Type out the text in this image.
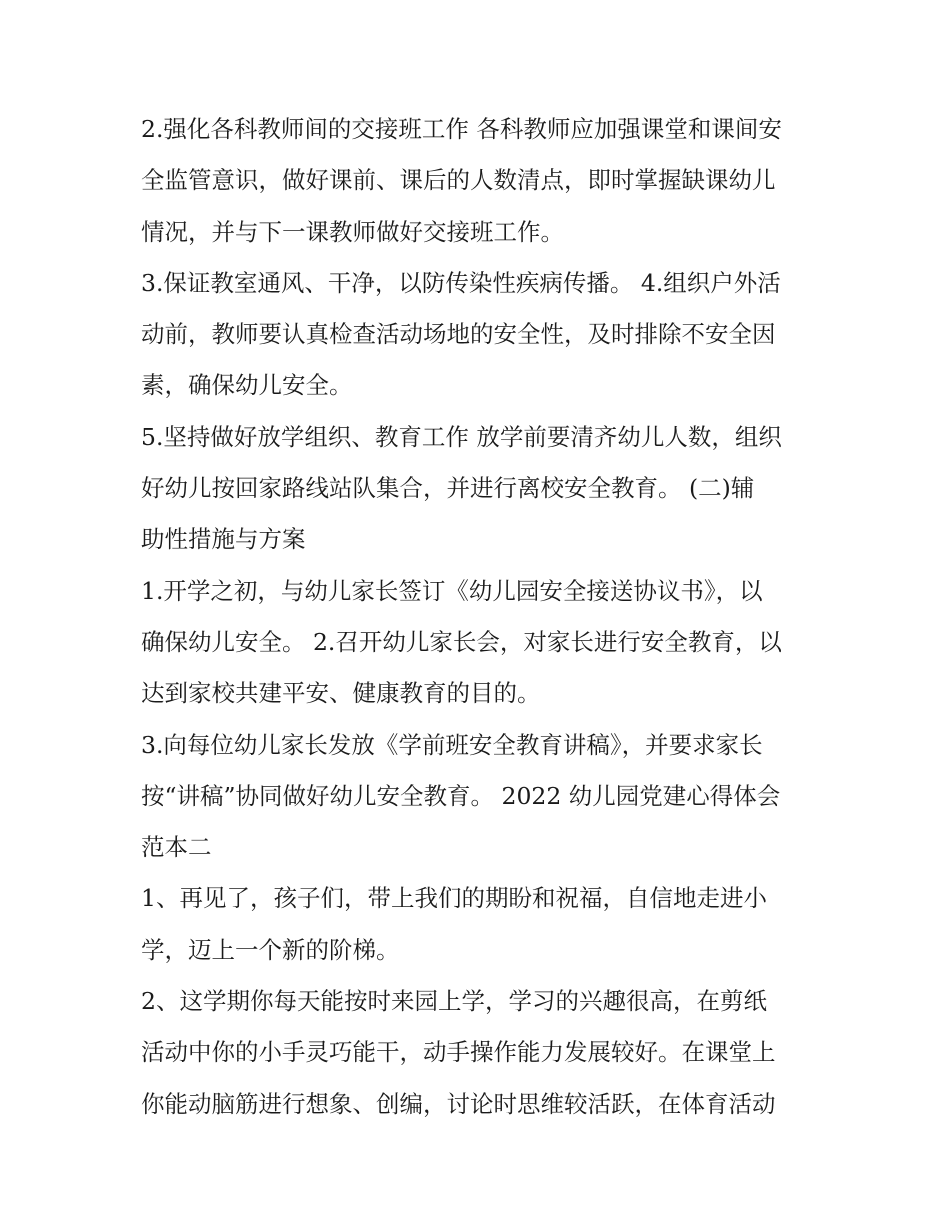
2.强化各科教师间的交接班工作 各科教师应加强课堂和课间安
全监管意识，做好课前、课后的人数清点，即时掌握缺课幼儿
情况，并与下一课教师做好交接班工作。
3.保证教室通风、干净，以防传染性疾病传播。 4.组织户外活
动前，教师要认真检查活动场地的安全性，及时排除不安全因
素，确保幼儿安全。
5.坚持做好放学组织、教育工作 放学前要清齐幼儿人数，组织
好幼儿按回家路线站队集合，并进行离校安全教育。 (二)辅
助性措施与方案
1.开学之初，与幼儿家长签订《幼儿园安全接送协议书》，以
确保幼儿安全。 2.召开幼儿家长会，对家长进行安全教育，以
达到家校共建平安、健康教育的目的。
3.向每位幼儿家长发放《学前班安全教育讲稿》，并要求家长
按“讲稿”协同做好幼儿安全教育。 2022 幼儿园党建心得体会
范本二
1、再见了，孩子们，带上我们的期盼和祝福，自信地走进小
学，迈上一个新的阶梯。
2、这学期你每天能按时来园上学，学习的兴趣很高，在剪纸
活动中你的小手灵巧能干，动手操作能力发展较好。在课堂上
你能动脑筋进行想象、创编，讨论时思维较活跃，在体育活动
